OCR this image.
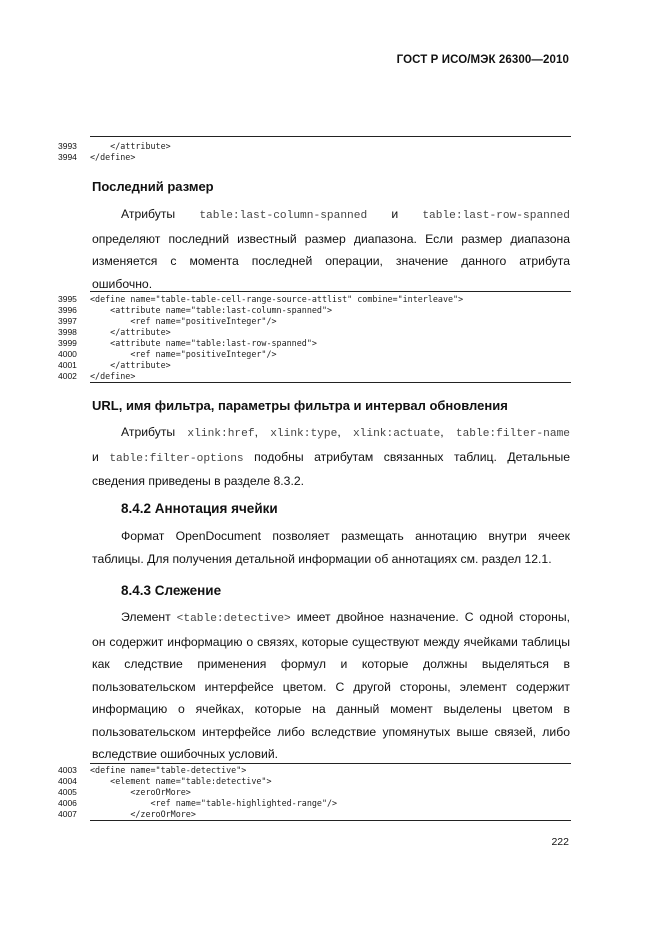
ГОСТ Р ИСО/МЭК 26300—2010
3993	</attribute>
3994	</define>
Последний размер
Атрибуты table:last-column-spanned и table:last-row-spanned
определяют последний известный размер диапазона. Если размер диапазона
изменяется с момента последней операции, значение данного атрибута
ошибочно.
3995	<define name="table-table-cell-range-source-attlist" combine="interleave">
3996	<attribute name="table:last-column-spanned">
3997	<ref name="positiveInteger"/>
3998	</attribute>
3999	<attribute name="table:last-row-spanned">
4000	<ref name="positiveInteger"/>
4001	</attribute>
4002	</define>
URL, имя фильтра, параметры фильтра и интервал обновления
Атрибуты xlink:href, xlink:type, xlink:actuate, table:filter-name
и table:filter-options подобны атрибутам связанных таблиц. Детальные
сведения приведены в разделе 8.3.2.
8.4.2 Аннотация ячейки
Формат OpenDocument позволяет размещать аннотацию внутри ячеек
таблицы. Для получения детальной информации об аннотациях см. раздел 12.1.
8.4.3 Слежение
Элемент <table:detective> имеет двойное назначение. С одной стороны,
он содержит информацию о связях, которые существуют между ячейками таблицы
как следствие применения формул и которые должны выделяться в
пользовательском интерфейсе цветом. С другой стороны, элемент содержит
информацию о ячейках, которые на данный момент выделены цветом в
пользовательском интерфейсе либо вследствие упомянутых выше связей, либо
вследствие ошибочных условий.
4003	<define name="table-detective">
4004	<element name="table:detective">
4005	<zeroOrMore>
4006	<ref name="table-highlighted-range"/>
4007	</zeroOrMore>
222
